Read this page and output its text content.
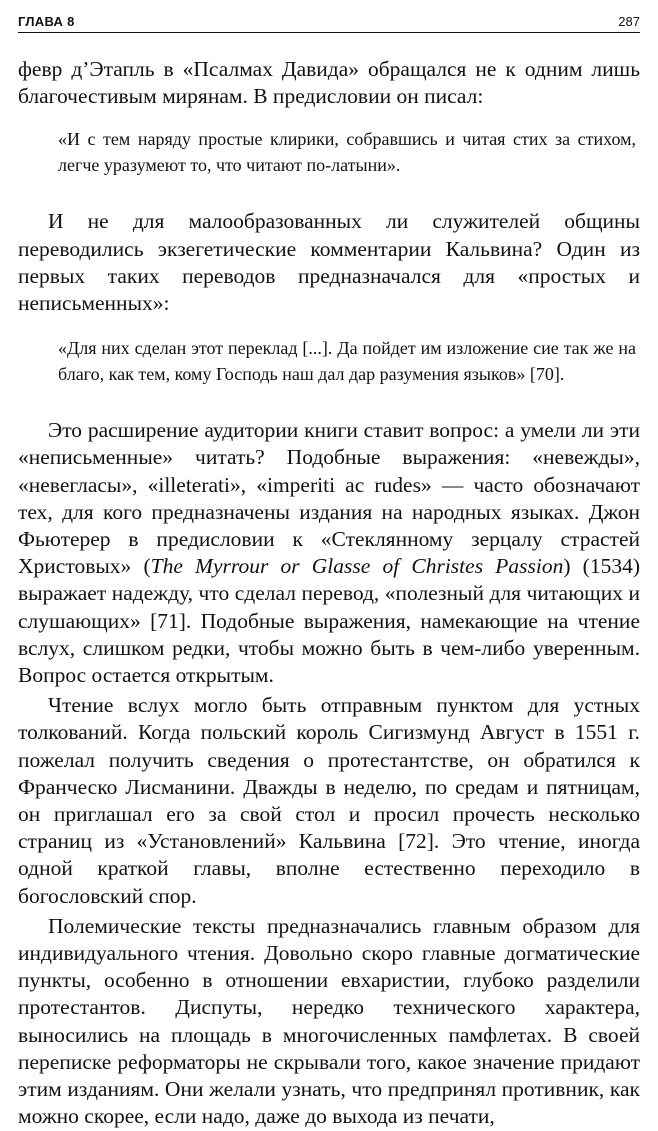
ГЛАВА 8	287

февр д’Этапль в «Псалмах Давида» обращался не к одним лишь благочестивым мирянам. В предисловии он писал:

«И с тем наряду простые клирики, собравшись и читая стих за стихом, легче уразумеют то, что читают по-латыни».

И не для малообразованных ли служителей общины переводились экзегетические комментарии Кальвина? Один из первых таких переводов предназначался для «простых и неписьменных»:

«Для них сделан этот переклад [...]. Да пойдет им изложение сие так же на благо, как тем, кому Господь наш дал дар разумения языков» [70].

Это расширение аудитории книги ставит вопрос: а умели ли эти «неписьменные» читать? Подобные выражения: «невежды», «невегласы», «illeterati», «imperiti ac rudes» — часто обозначают тех, для кого предназначены издания на народных языках. Джон Фьютерер в предисловии к «Стеклянному зерцалу страстей Христовых» (The Myrrour or Glasse of Christes Passion) (1534) выражает надежду, что сделал перевод, «полезный для читающих и слушающих» [71]. Подобные выражения, намекающие на чтение вслух, слишком редки, чтобы можно быть в чем-либо уверенным. Вопрос остается открытым.

Чтение вслух могло быть отправным пунктом для устных толкований. Когда польский король Сигизмунд Август в 1551 г. пожелал получить сведения о протестантстве, он обратился к Франческо Лисманини. Дважды в неделю, по средам и пятницам, он приглашал его за свой стол и просил прочесть несколько страниц из «Установлений» Кальвина [72]. Это чтение, иногда одной краткой главы, вполне естественно переходило в богословский спор.

Полемические тексты предназначались главным образом для индивидуального чтения. Довольно скоро главные догматические пункты, особенно в отношении евхаристии, глубоко разделили протестантов. Диспуты, нередко технического характера, выносились на площадь в многочисленных памфлетах. В своей переписке реформаторы не скрывали того, какое значение придают этим изданиям. Они желали узнать, что предпринял противник, как можно скорее, если надо, даже до выхода из печати,
